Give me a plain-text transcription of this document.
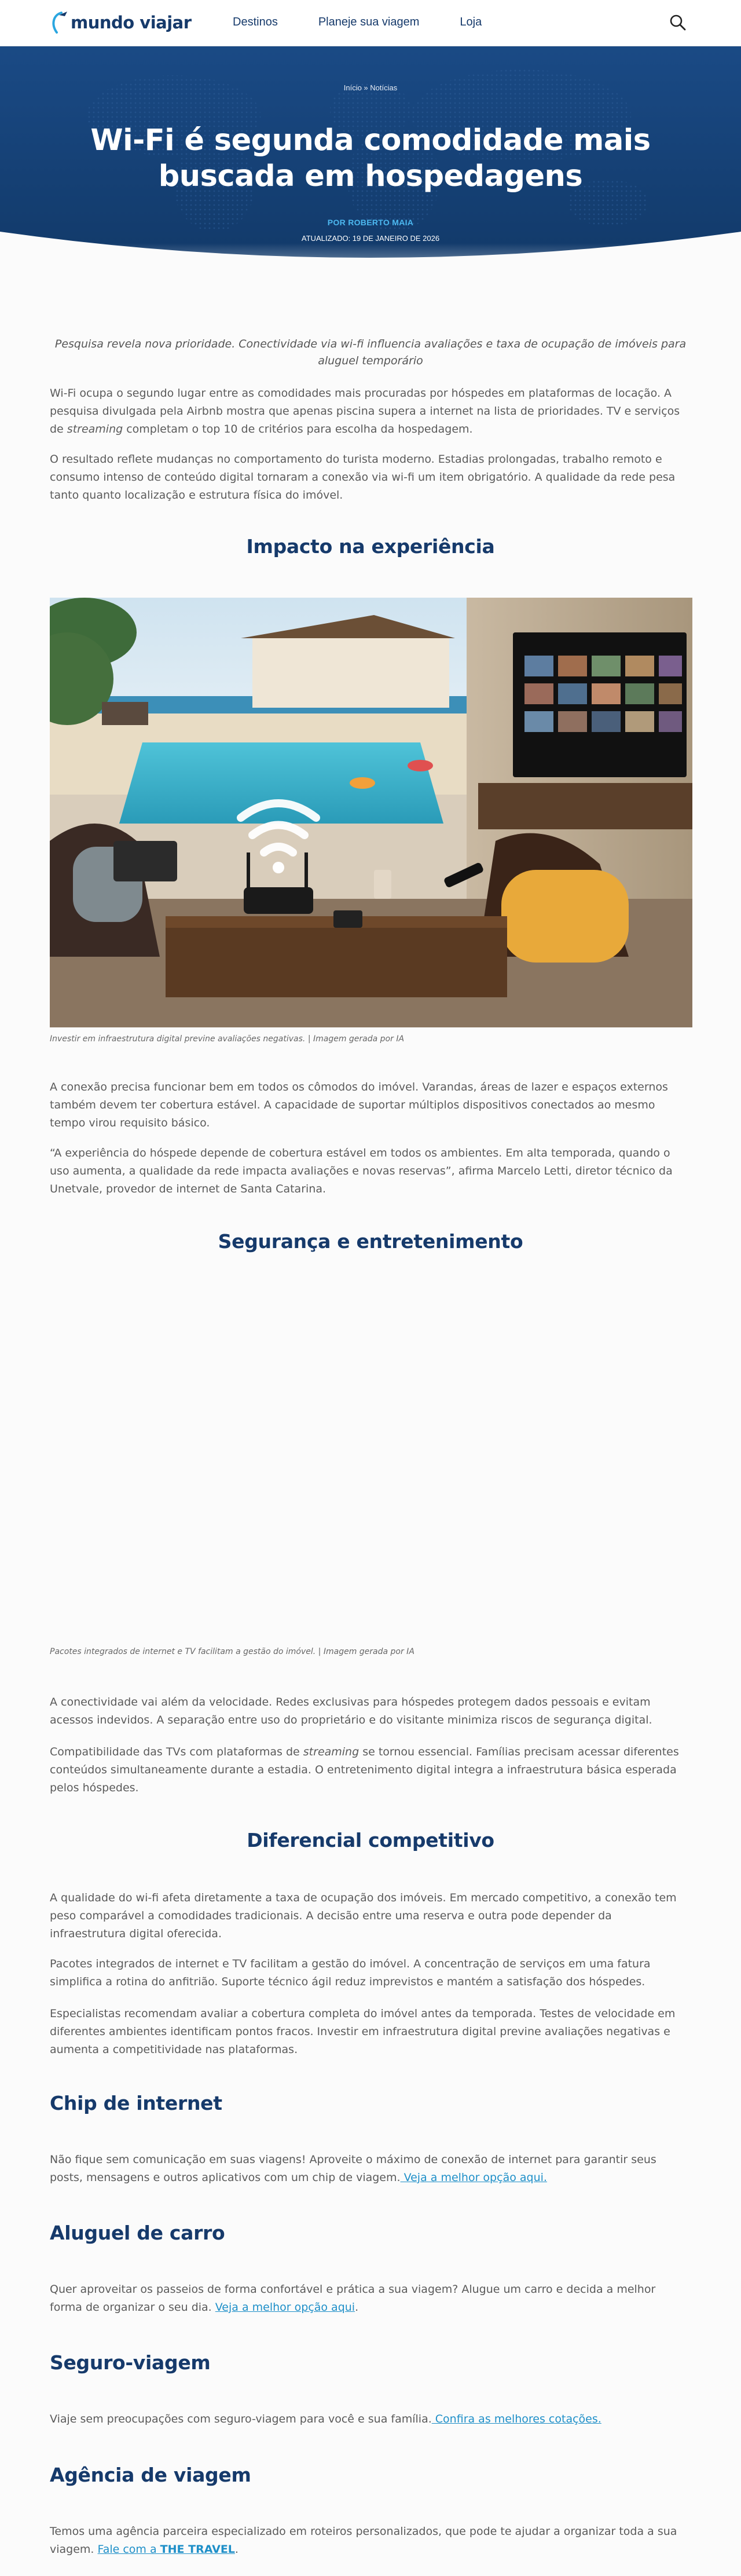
mundo viajar	Destinos	Planeje sua viagem	Loja
Início » Notícias
Wi-Fi é segunda comodidade mais buscada em hospedagens
POR ROBERTO MAIA
ATUALIZADO: 19 DE JANEIRO DE 2026

Pesquisa revela nova prioridade. Conectividade via wi-fi influencia avaliações e taxa de ocupação de imóveis para aluguel temporário

Wi-Fi ocupa o segundo lugar entre as comodidades mais procuradas por hóspedes em plataformas de locação. A pesquisa divulgada pela Airbnb mostra que apenas piscina supera a internet na lista de prioridades. TV e serviços de streaming completam o top 10 de critérios para escolha da hospedagem.

O resultado reflete mudanças no comportamento do turista moderno. Estadias prolongadas, trabalho remoto e consumo intenso de conteúdo digital tornaram a conexão via wi-fi um item obrigatório. A qualidade da rede pesa tanto quanto localização e estrutura física do imóvel.

Impacto na experiência

Investir em infraestrutura digital previne avaliações negativas. | Imagem gerada por IA

A conexão precisa funcionar bem em todos os cômodos do imóvel. Varandas, áreas de lazer e espaços externos também devem ter cobertura estável. A capacidade de suportar múltiplos dispositivos conectados ao mesmo tempo virou requisito básico.

“A experiência do hóspede depende de cobertura estável em todos os ambientes. Em alta temporada, quando o uso aumenta, a qualidade da rede impacta avaliações e novas reservas”, afirma Marcelo Letti, diretor técnico da Unetvale, provedor de internet de Santa Catarina.

Segurança e entretenimento

Pacotes integrados de internet e TV facilitam a gestão do imóvel. | Imagem gerada por IA

A conectividade vai além da velocidade. Redes exclusivas para hóspedes protegem dados pessoais e evitam acessos indevidos. A separação entre uso do proprietário e do visitante minimiza riscos de segurança digital.

Compatibilidade das TVs com plataformas de streaming se tornou essencial. Famílias precisam acessar diferentes conteúdos simultaneamente durante a estadia. O entretenimento digital integra a infraestrutura básica esperada pelos hóspedes.

Diferencial competitivo

A qualidade do wi-fi afeta diretamente a taxa de ocupação dos imóveis. Em mercado competitivo, a conexão tem peso comparável a comodidades tradicionais. A decisão entre uma reserva e outra pode depender da infraestrutura digital oferecida.

Pacotes integrados de internet e TV facilitam a gestão do imóvel. A concentração de serviços em uma fatura simplifica a rotina do anfitrião. Suporte técnico ágil reduz imprevistos e mantém a satisfação dos hóspedes.

Especialistas recomendam avaliar a cobertura completa do imóvel antes da temporada. Testes de velocidade em diferentes ambientes identificam pontos fracos. Investir em infraestrutura digital previne avaliações negativas e aumenta a competitividade nas plataformas.

Chip de internet

Não fique sem comunicação em suas viagens! Aproveite o máximo de conexão de internet para garantir seus posts, mensagens e outros aplicativos com um chip de viagem. Veja a melhor opção aqui.

Aluguel de carro

Quer aproveitar os passeios de forma confortável e prática a sua viagem? Alugue um carro e decida a melhor forma de organizar o seu dia. Veja a melhor opção aqui.

Seguro-viagem

Viaje sem preocupações com seguro-viagem para você e sua família. Confira as melhores cotações.

Agência de viagem

Temos uma agência parceira especializado em roteiros personalizados, que pode te ajudar a organizar toda a sua viagem. Fale com a THE TRAVEL.
